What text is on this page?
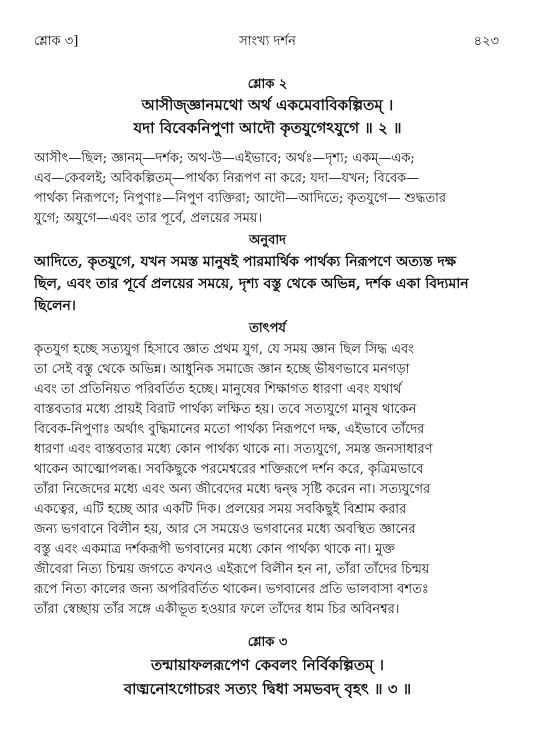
শ্লোক ৩]	সাংখ্য দর্শন	৪২৩
শ্লোক ২
আসীজ্জ্ঞানমথো অর্থ একমেবাবিকল্পিতম্ ।
যদা বিবেকনিপুণা আদৌ কৃতযুগেঽযুগে ॥ ২ ॥
আসীৎ—ছিল; জ্ঞানম্—দর্শক; অথ-উ—এইভাবে; অর্থঃ—দৃশ্য; একম্—এক;
এব—কেবলই; অবিকল্পিতম্—পার্থক্য নিরূপণ না করে; যদা—যখন; বিবেক—
পার্থক্য নিরূপণে; নিপুণাঃ—নিপুণ ব্যক্তিরা; আদৌ—আদিতে; কৃতযুগে— শুদ্ধতার
যুগে; অযুগে—এবং তার পূর্বে, প্রলয়ের সময়।
অনুবাদ
আদিতে, কৃতযুগে, যখন সমস্ত মানুষই পারমার্থিক পার্থক্য নিরূপণে অত্যন্ত দক্ষ
ছিল, এবং তার পূর্বে প্রলয়ের সময়ে, দৃশ্য বস্তু থেকে অভিন্ন, দর্শক একা বিদ্যমান
ছিলেন।
তাৎপর্য
কৃতযুগ হচ্ছে সত্যযুগ হিসাবে জ্ঞাত প্রথম যুগ, যে সময় জ্ঞান ছিল সিদ্ধ এবং
তা সেই বস্তু থেকে অভিন্ন। আধুনিক সমাজে জ্ঞান হচ্ছে ভীষণভাবে মনগড়া
এবং তা প্রতিনিয়ত পরিবর্তিত হচ্ছে। মানুষের শিক্ষাগত ধারণা এবং যথার্থ
বাস্তবতার মধ্যে প্রায়ই বিরাট পার্থক্য লক্ষিত হয়। তবে সত্যযুগে মানুষ থাকেন
বিবেক-নিপুণাঃ অর্থাৎ বুদ্ধিমানের মতো পার্থক্য নিরূপণে দক্ষ, এইভাবে তাঁদের
ধারণা এবং বাস্তবতার মধ্যে কোন পার্থক্য থাকে না। সত্যযুগে, সমস্ত জনসাধারণ
থাকেন আত্মোপলব্ধ। সবকিছুকে পরমেশ্বরের শক্তিরূপে দর্শন করে, কৃত্রিমভাবে
তাঁরা নিজেদের মধ্যে এবং অন্য জীবেদের মধ্যে দ্বন্দ্ব সৃষ্টি করেন না। সত্যযুগের
একত্বের, এটি হচ্ছে আর একটি দিক। প্রলয়ের সময় সবকিছুই বিশ্রাম করার
জন্য ভগবানে বিলীন হয়, আর সে সময়েও ভগবানের মধ্যে অবস্থিত জ্ঞানের
বস্তু এবং একমাত্র দর্শকরূপী ভগবানের মধ্যে কোন পার্থক্য থাকে না। মুক্ত
জীবেরা নিত্য চিন্ময় জগতে কখনও এইরূপে বিলীন হন না, তাঁরা তাঁদের চিন্ময়
রূপে নিত্য কালের জন্য অপরিবর্তিত থাকেন। ভগবানের প্রতি ভালবাসা বশতঃ
তাঁরা স্বেচ্ছায় তাঁর সঙ্গে একীভূত হওয়ার ফলে তাঁদের ধাম চির অবিনশ্বর।
শ্লোক ৩
তন্মায়াফলরূপেণ কেবলং নির্বিকল্পিতম্ ।
বাঙ্মনোঽগোচরং সত্যং দ্বিধা সমভবদ্ বৃহৎ ॥ ৩ ॥
